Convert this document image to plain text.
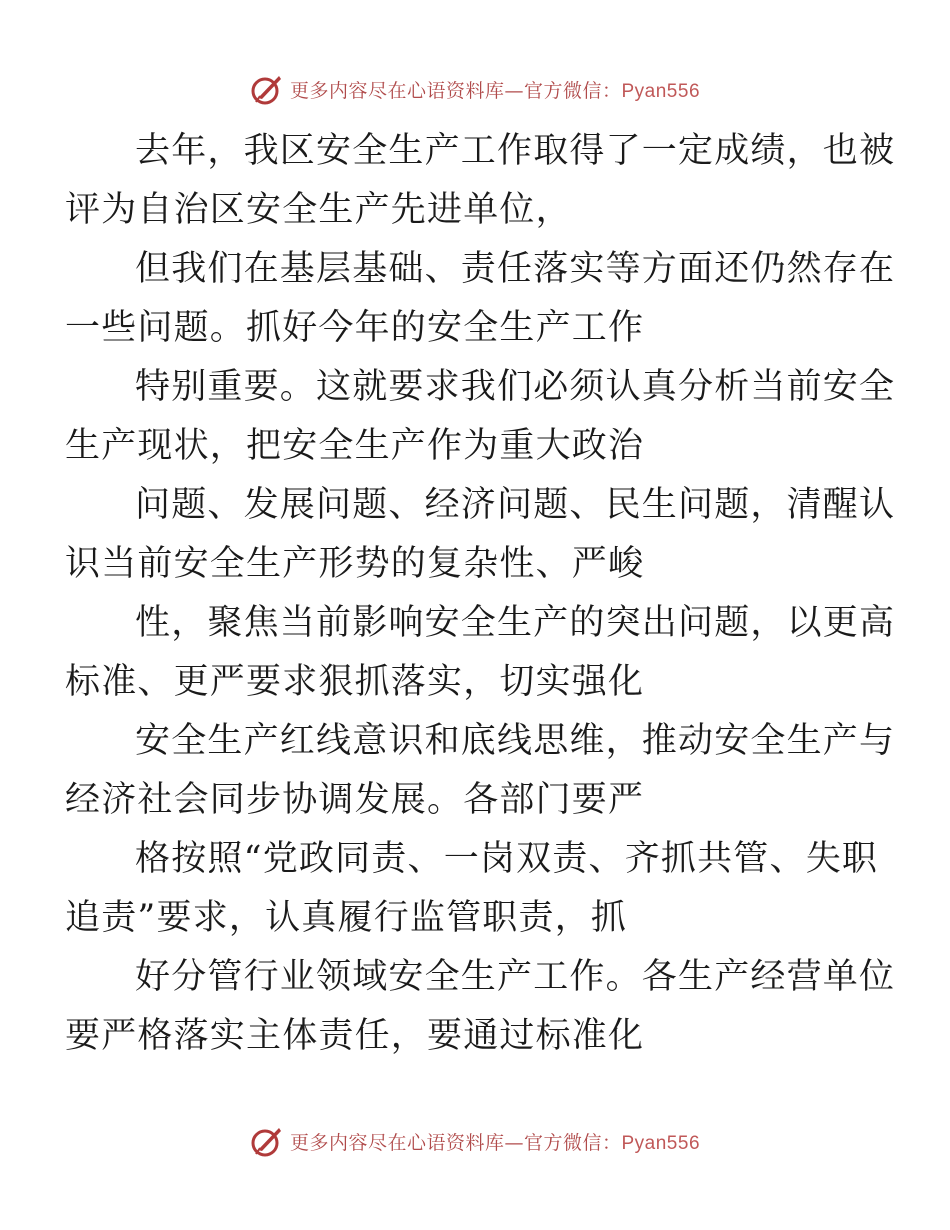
更多内容尽在心语资料库—官方微信：Pyan556

去年，我区安全生产工作取得了一定成绩，也被
评为自治区安全生产先进单位，

但我们在基层基础、责任落实等方面还仍然存在
一些问题。抓好今年的安全生产工作

特别重要。这就要求我们必须认真分析当前安全
生产现状，把安全生产作为重大政治

问题、发展问题、经济问题、民生问题，清醒认
识当前安全生产形势的复杂性、严峻

性，聚焦当前影响安全生产的突出问题，以更高
标准、更严要求狠抓落实，切实强化

安全生产红线意识和底线思维，推动安全生产与
经济社会同步协调发展。各部门要严

格按照“党政同责、一岗双责、齐抓共管、失职
追责”要求，认真履行监管职责，抓

好分管行业领域安全生产工作。各生产经营单位
要严格落实主体责任，要通过标准化

更多内容尽在心语资料库—官方微信：Pyan556
